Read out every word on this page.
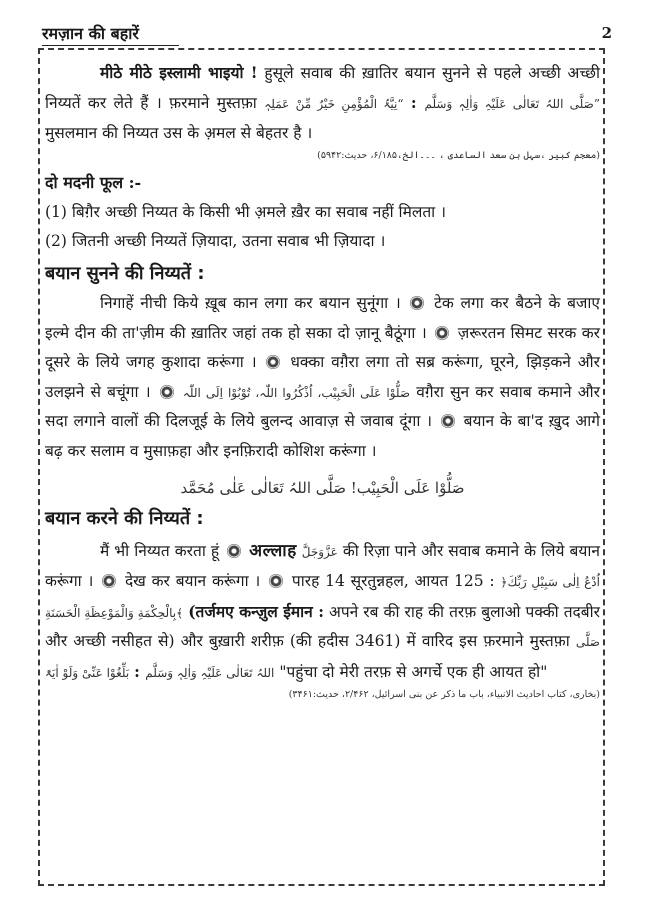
रमज़ान की बहारें	2

मीठे मीठे इस्लामी भाइयो ! हुसूले सवाब की ख़ातिर बयान सुनने से पहले अच्छी अच्छी निय्यतें कर लेते हैं । फ़रमाने मुस्तफ़ा	صَلَّی اللہُ تَعَالٰی عَلَیْہِ وَاٰلِہٖ وَسَلَّم : “نِیَّۃُ الْمُؤْمِنِ خَیْرٌ مِّنْ عَمَلِہٖ	” मुसलमान की निय्यत उस के अ़मल से बेहतर है ।

(معجم کبیر ،سہل بن سعد الساعدی ، ۔۔۔الخ،۶/۱۸۵، حدیث:۵۹۴۲)
दो मदनी फूल :-

(1) बिग़ैर अच्छी निय्यत के किसी भी अ़मले ख़ैर का सवाब नहीं मिलता ।

(2) जितनी अच्छी निय्यतें ज़ियादा, उतना सवाब भी ज़ियादा ।

बयान सुनने की निय्यतें :

निगाहें नीची किये ख़ूब कान लगा कर बयान सुनूंगा । टेक लगा कर बैठने के बजाए इल्मे दीन की ता'ज़ीम की ख़ातिर जहां तक हो सका दो ज़ानू बैठूंगा । ज़रूरतन सिमट सरक कर दूसरे के लिये जगह कुशादा करूंगा । धक्का वग़ैरा लगा तो सब्र करूंगा, घूरने, झिड़कने और उलझने से बचूंगा ।	صَلُّوْا عَلَی الْحَبِیْب، اُذْکُرُوا اللّٰہ، تُوْبُوْا اِلَی اللّٰہ वग़ैरा सुन कर सवाब कमाने और सदा लगाने वालों की दिलजूई के लिये बुलन्द आवाज़ से जवाब दूंगा । बयान के बा'द ख़ुद आगे बढ़ कर सलाम व मुसाफ़हा और इनफ़िरादी कोशिश करूंगा ।

صَلُّوْا عَلَی الْحَبِیْب! صَلَّی اللہُ تَعَالٰی عَلٰی مُحَمَّد
बयान करने की निय्यतें :

मैं भी निय्यत करता हूं अल्लाह عَزَّوَجَلَّ की रिज़ा पाने और सवाब कमाने के लिये बयान करूंगा । देख कर बयान करूंगा । पारह 14 सूरतुन्नहल, आयत 125 : ﴿اُدْعُ اِلٰى سَبِيْلِ رَبِّكَ بِالْحِكْمَةِ وَالْمَوْعِظَةِ الْحَسَنَةِ﴾ (तर्जमए कन्ज़ुल ईमान : अपने रब की राह की तरफ़ बुलाओ पक्की तदबीर और अच्छी नसीहत से) और बुख़ारी शरीफ़ (की हदीस 3461) में वारिद इस फ़रमाने मुस्तफ़ा صَلَّی اللہُ تَعَالٰی عَلَیْہِ وَاٰلِہٖ وَسَلَّم : بَلِّغُوْا عَنِّیْ وَلَوْ اٰیَۃً	"पहुंचा दो मेरी तरफ़ से अगर्चे एक ही आयत हो"

(بخاری، کتاب احادیث الانبیاء، باب ما ذکر عن بنی اسرائیل، ۲/۴۶۲، حدیث:۳۴۶۱)
